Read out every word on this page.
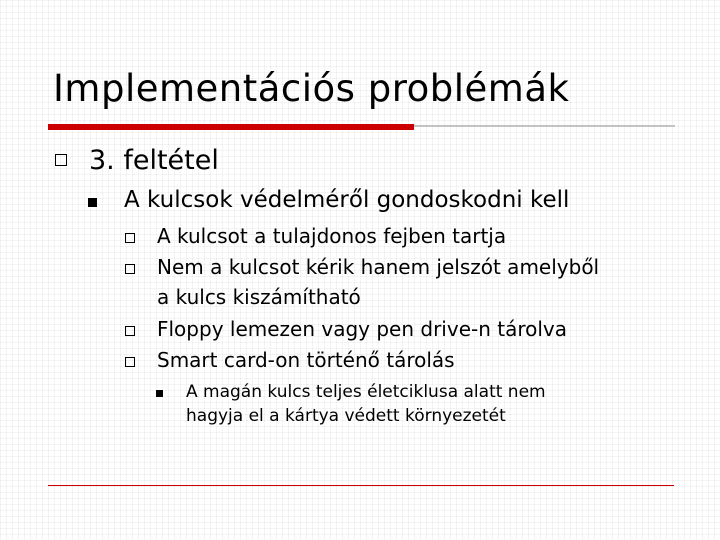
Implementációs problémák
3. feltétel
A kulcsok védelméről gondoskodni kell
A kulcsot a tulajdonos fejben tartja
Nem a kulcsot kérik hanem jelszót amelyből
a kulcs kiszámítható
Floppy lemezen vagy pen drive-n tárolva
Smart card-on történő tárolás
A magán kulcs teljes életciklusa alatt nem
hagyja el a kártya védett környezetét
